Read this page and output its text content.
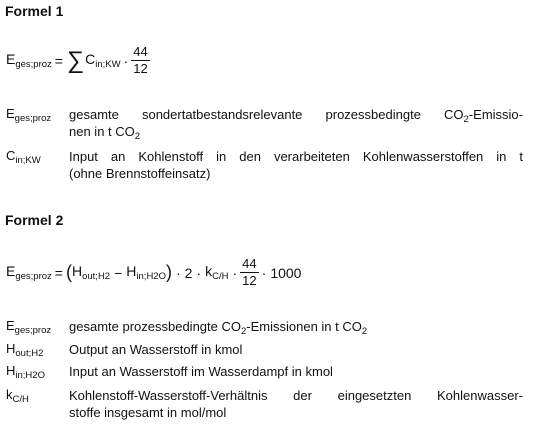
Formel 1
$E_{ges;proz}$ = ∑ $C_{in;KW} \cdot \frac{44}{12}$
$E_{ges;proz}$ gesamte sondertatbestandsrelevante prozessbedingte $CO_2-Emissio-$
nen in t $CO_2$
$C_{in;KW}$ Input an Kohlenstoff in den verarbeiteten Kohlenwasserstoffen in t
(ohne Brennstoffeinsatz)
Formel 2
$E_{ges;proz}$ = ( $H_{out;H2} - H_{in;H2O}$ ) · $2 \cdot k_{C/H} \cdot \frac{44}{12} \cdot 1000$
$E_{ges;proz}$ gesamte prozessbedingte $CO_2$-Emissionen in t $CO_2$
$H_{out;H2}$ Output an Wasserstoff in kmol
$H_{in;H2O}$ Input an Wasserstoff im Wasserdampf in kmol
$k_{C/H}$	Kohlenstoff-Wasserstoff-Verhältnis der eingesetzten Kohlenwasser-
stoffe insgesamt in mol/mol
